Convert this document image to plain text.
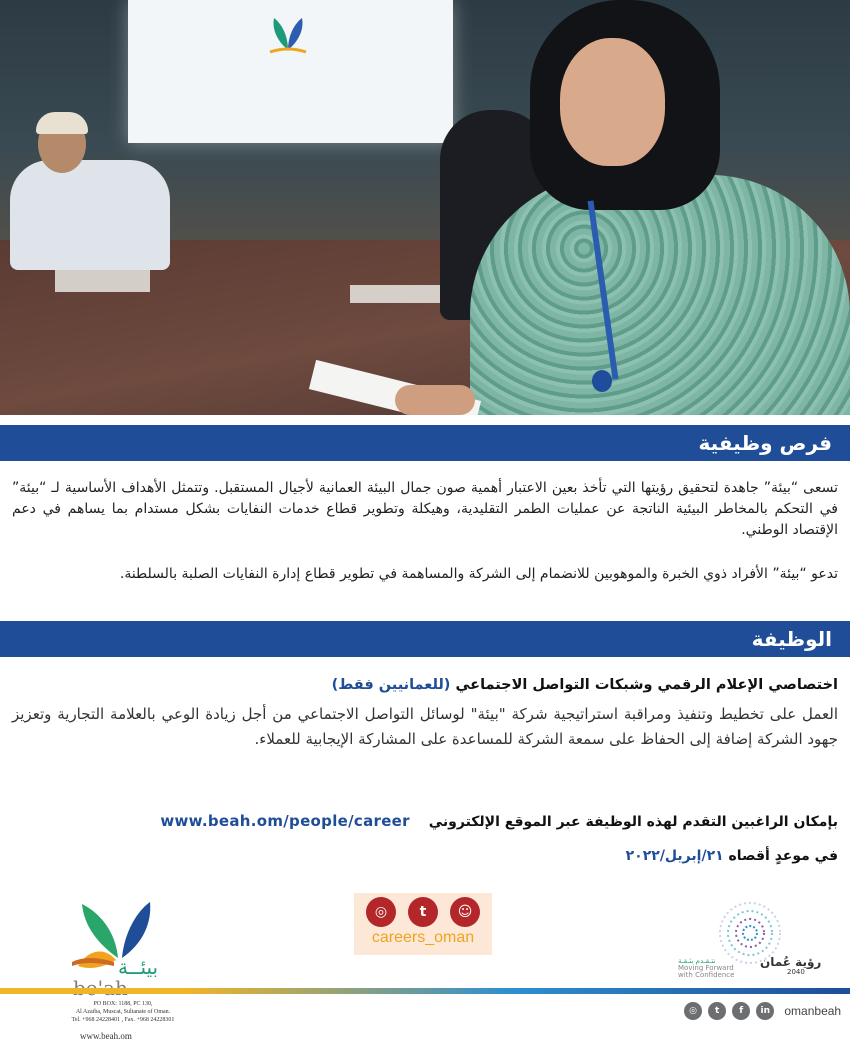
فرص وظيفية

تسعى “بيئة” جاهدة لتحقيق رؤيتها التي تأخذ بعين الاعتبار أهمية صون جمال البيئة العمانية لأجيال المستقبل. وتتمثل الأهداف الأساسية لـ “بيئة” في التحكم بالمخاطر البيئية الناتجة عن عمليات الطمر التقليدية، وهيكلة وتطوير قطاع خدمات النفايات بشكل مستدام بما يساهم في دعم الإقتصاد الوطني.

تدعو “بيئة” الأفراد ذوي الخبرة والموهوبين للانضمام إلى الشركة والمساهمة في تطوير قطاع إدارة النفايات الصلبة بالسلطنة.

الوظيفة

اختصاصي الإعلام الرقمي وشبكات التواصل الاجتماعي (للعمانيين فقط)

العمل على تخطيط وتنفيذ ومراقبة استراتيجية شركة "بيئة" لوسائل التواصل الاجتماعي من أجل زيادة الوعي بالعلامة التجارية وتعزيز جهود الشركة إضافة إلى الحفاظ على سمعة الشركة للمساعدة على المشاركة الإيجابية للعملاء.

بإمكان الراغبين التقدم لهذه الوظيفة عبر الموقع الإلكتروني www.beah.om/people/career
في موعدٍ أقصاه ٢١/إبريل/٢٠٢٢
بيئــة
PO BOX: 1188, PC 130,
Al Azaiba, Muscat, Sultanate of Oman.
Tel. +968 24228401 , Fax. +968 24228301
www.beah.om
◎	t	☺
careers_oman
رؤية عُمان
2040
نتـقـدم بثـقـة
Moving Forward
with Confidence
◎ t f in omanbeah
